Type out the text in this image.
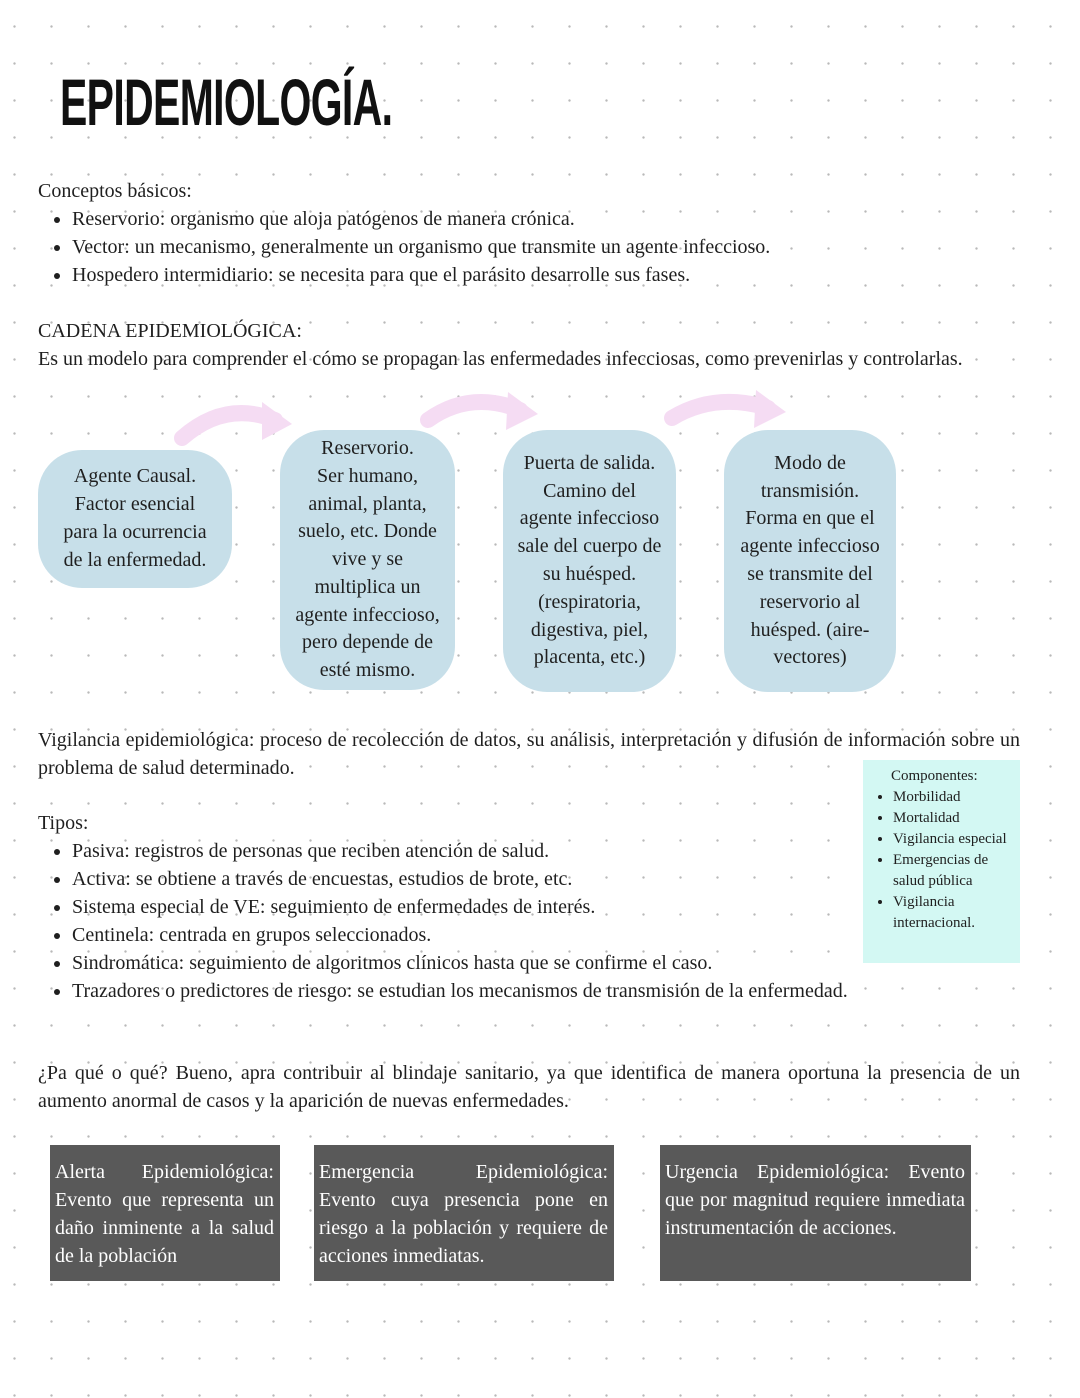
EPIDEMIOLOGÍA.
Conceptos básicos:
• Reservorio: organismo que aloja patógenos de manera crónica.
• Vector: un mecanismo, generalmente un organismo que transmite un agente infeccioso.
• Hospedero intermidiario: se necesita para que el parásito desarrolle sus fases.
CADENA EPIDEMIOLÓGICA:
Es un modelo para comprender el cómo se propagan las enfermedades infecciosas, como prevenirlas y controlarlas.
Agente Causal.
Factor esencial
para la ocurrencia
de la enfermedad.
Reservorio.
Ser humano,
animal, planta,
suelo, etc. Donde
vive y se
multiplica un
agente infeccioso,
pero depende de
esté mismo.
Puerta de salida.
Camino del
agente infeccioso
sale del cuerpo de
su huésped.
(respiratoria,
digestiva, piel,
placenta, etc.)
Modo de
transmisión.
Forma en que el
agente infeccioso
se transmite del
reservorio al
huésped. (aire-
vectores)
Vigilancia epidemiológica: proceso de recolección de datos, su análisis, interpretación y difusión de información sobre un problema de salud determinado.	Componentes:
• Morbilidad
• Mortalidad
• Vigilancia especial
• Emergencias de salud pública
• Vigilancia internacional.
Tipos:
• Pasiva: registros de personas que reciben atención de salud.
• Activa: se obtiene a través de encuestas, estudios de brote, etc.
• Sistema especial de VE: seguimiento de enfermedades de interés.
• Centinela: centrada en grupos seleccionados.
• Sindromática: seguimiento de algoritmos clínicos hasta que se confirme el caso.
• Trazadores o predictores de riesgo: se estudian los mecanismos de transmisión de la enfermedad.
¿Pa qué o qué? Bueno, apra contribuir al blindaje sanitario, ya que identifica de manera oportuna la presencia de un aumento anormal de casos y la aparición de nuevas enfermedades.
Alerta Epidemiológica: Evento que representa un daño inminente a la salud de la población
Emergencia Epidemiológica: Evento cuya presencia pone en riesgo a la población y requiere de acciones inmediatas.
Urgencia Epidemiológica: Evento que por magnitud requiere inmediata instrumentación de acciones.
